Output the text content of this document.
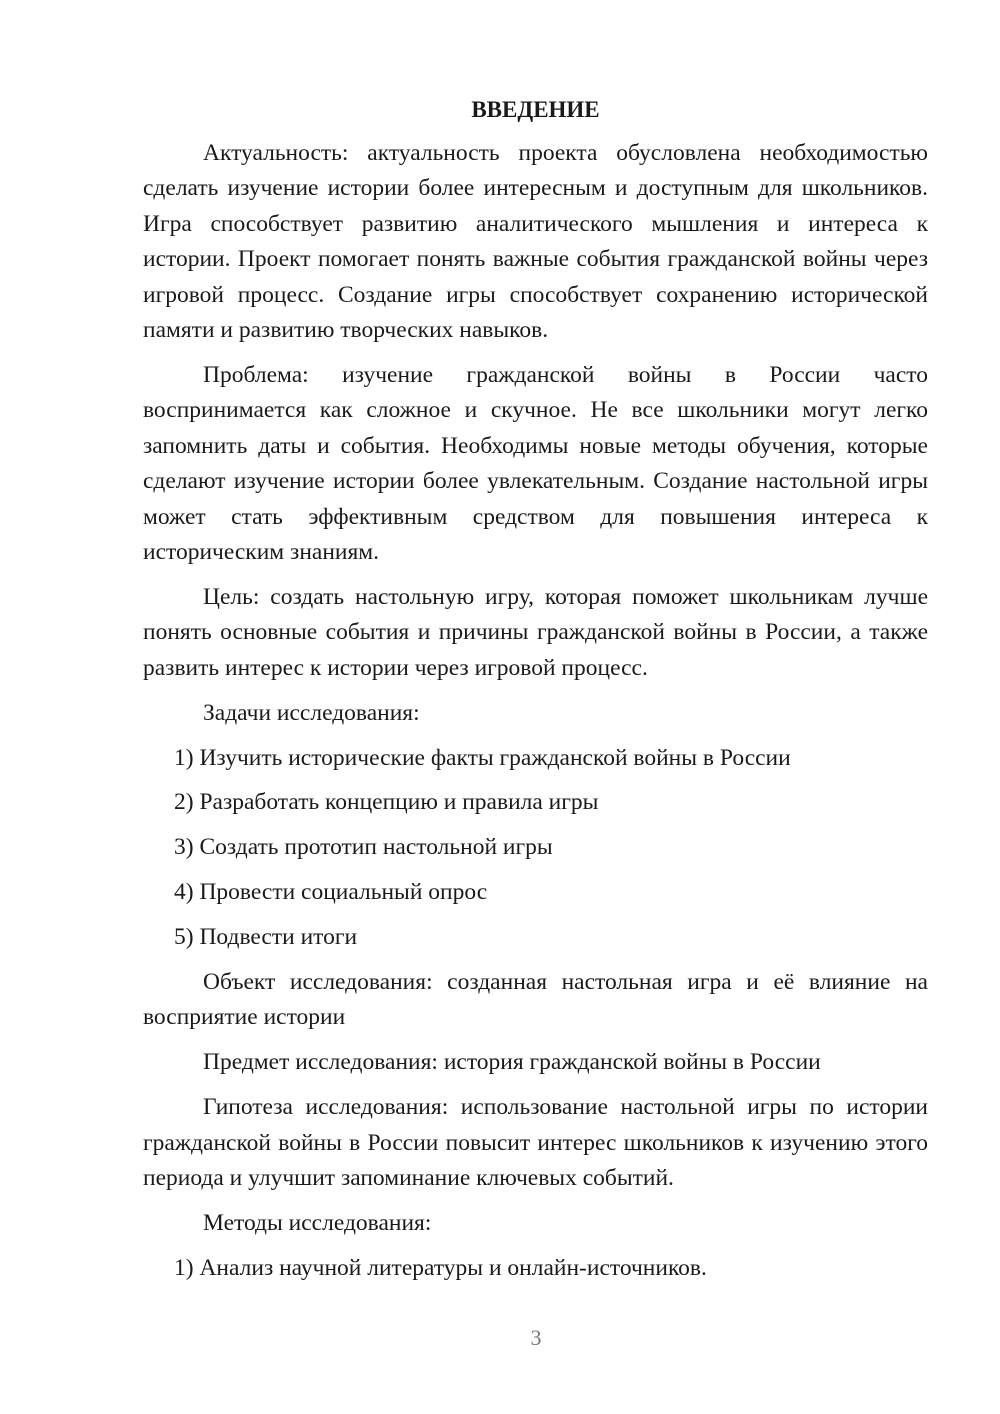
ВВЕДЕНИЕ

Актуальность: актуальность проекта обусловлена необходимостью сделать изучение истории более интересным и доступным для школьников. Игра способствует развитию аналитического мышления и интереса к истории. Проект помогает понять важные события гражданской войны через игровой процесс. Создание игры способствует сохранению исторической памяти и развитию творческих навыков.

Проблема: изучение гражданской войны в России часто воспринимается как сложное и скучное. Не все школьники могут легко запомнить даты и события. Необходимы новые методы обучения, которые сделают изучение истории более увлекательным. Создание настольной игры может стать эффективным средством для повышения интереса к историческим знаниям.

Цель: создать настольную игру, которая поможет школьникам лучше понять основные события и причины гражданской войны в России, а также развить интерес к истории через игровой процесс.

Задачи исследования:

1) Изучить исторические факты гражданской войны в России

2) Разработать концепцию и правила игры

3) Создать прототип настольной игры

4) Провести социальный опрос

5) Подвести итоги

Объект исследования: созданная настольная игра и её влияние на восприятие истории

Предмет исследования: история гражданской войны в России

Гипотеза исследования: использование настольной игры по истории гражданской войны в России повысит интерес школьников к изучению этого периода и улучшит запоминание ключевых событий.

Методы исследования:

1) Анализ научной литературы и онлайн-источников.

3
